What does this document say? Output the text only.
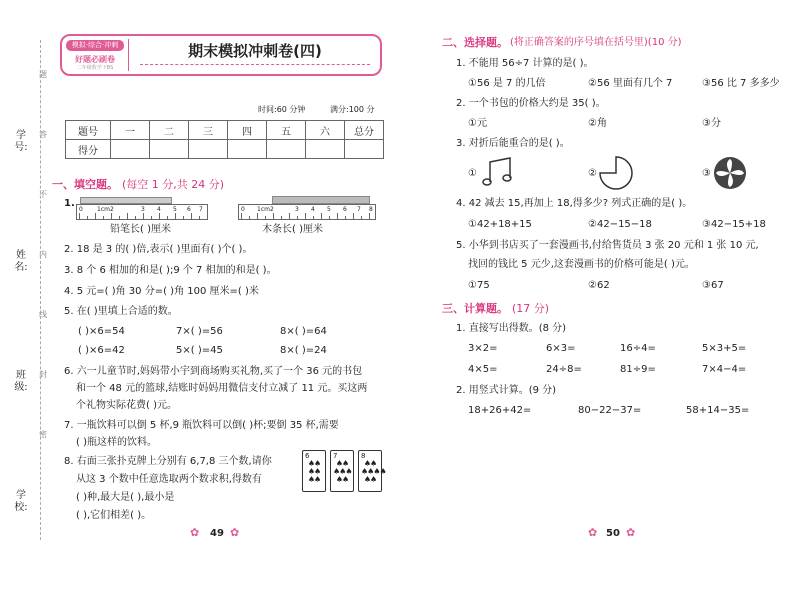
学号:
姓名:
班级:
学校:
题
答
不
内
线
封
密
模拟·综合·冲刺
好题必刷卷
二年级数学下BS
期末模拟冲刺卷(四)
时间:60 分钟	满分:100 分
题号	一	二	三	四	五	六	总分
得分							
一、填空题。 (每空 1 分,共 24 分)
1.
0 1cm2	3 4 5 6 7	0 1cm2	3 4 5 6 7 8
铅笔长( )厘米	木条长( )厘米
2. 18 是 3 的( )倍,表示( )里面有( )个( )。
3. 8 个 6 相加的和是( );9 个 7 相加的和是( )。
4. 5 元=( )角 30 分=( )角 100 厘米=( )米
5. 在( )里填上合适的数。
( )×6=54	7×( )=56	8×( )=64
( )×6=42	5×( )=45	8×( )=24
6. 六一儿童节时,妈妈带小宇到商场购买礼物,买了一个 36 元的书包
和一个 48 元的篮球,结账时妈妈用微信支付立减了 11 元。买这两
个礼物实际花费( )元。
7. 一瓶饮料可以倒 5 杯,9 瓶饮料可以倒( )杯;要倒 35 杯,需要
( )瓶这样的饮料。
8. 右面三张扑克牌上分别有 6,7,8 三个数,请你
从这 3 个数中任意选取两个数求积,得数有
( )种,最大是( ),最小是
( ),它们相差( )。
6
♠♠
♠♠
♠♠
7
♠♠
♠♠♠
♠♠
8
♠♠
♠♠♠♠
♠♠
✿ 49 ✿
二、选择题。 (将正确答案的序号填在括号里)(10 分)
1. 不能用 56÷7 计算的是( )。
①56 是 7 的几倍	②56 里面有几个 7	③56 比 7 多多少
2. 一个书包的价格大约是 35( )。
①元	②角	③分
3. 对折后能重合的是( )。
①	②	③
4. 42 减去 15,再加上 18,得多少? 列式正确的是( )。
①42+18+15	②42−15−18	③42−15+18
5. 小华到书店买了一套漫画书,付给售货员 3 张 20 元和 1 张 10 元,
找回的钱比 5 元少,这套漫画书的价格可能是( )元。
①75	②62	③67
三、计算题。 (17 分)
1. 直接写出得数。(8 分)
3×2=	6×3=	16÷4=	5×3+5=
4×5=	24÷8=	81÷9=	7×4−4=
2. 用竖式计算。(9 分)
18+26+42=	80−22−37=	58+14−35=
✿ 50 ✿
